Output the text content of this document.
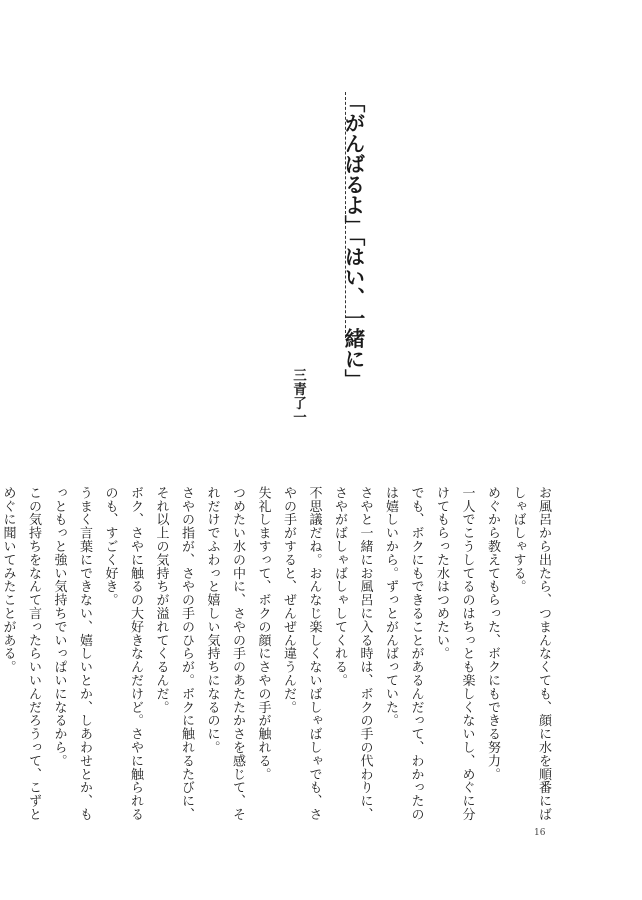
「がんばるよ」「はい、一緒に」
三青了一

お風呂から出たら、つまんなくても、顔に水を順番にば

しゃばしゃする。

めぐから教えてもらった、ボクにもできる努力。

一人でこうしてるのはちっとも楽しくないし、めぐに分

けてもらった水はつめたい。

でも、ボクにもできることがあるんだって、わかったの

は嬉しいから。ずっとがんばっていた。

さやと一緒にお風呂に入る時は、ボクの手の代わりに、

さやがばしゃばしゃしてくれる。

不思議だね。おんなじ楽しくないばしゃばしゃでも、さ

やの手がすると、ぜんぜん違うんだ。

失礼しますって、ボクの顔にさやの手が触れる。

つめたい水の中に、さやの手のあたたかさを感じて、そ

れだけでふわっと嬉しい気持ちになるのに。

さやの指が、さやの手のひらが。ボクに触れるたびに、

それ以上の気持ちが溢れてくるんだ。

ボク、さやに触るの大好きなんだけど。さやに触られる

のも、すごく好き。

うまく言葉にできない、嬉しいとか、しあわせとか、も

っともっと強い気持ちでいっぱいになるから。

この気持ちをなんて言ったらいいんだろうって、こずと

めぐに聞いてみたことがある。

16
